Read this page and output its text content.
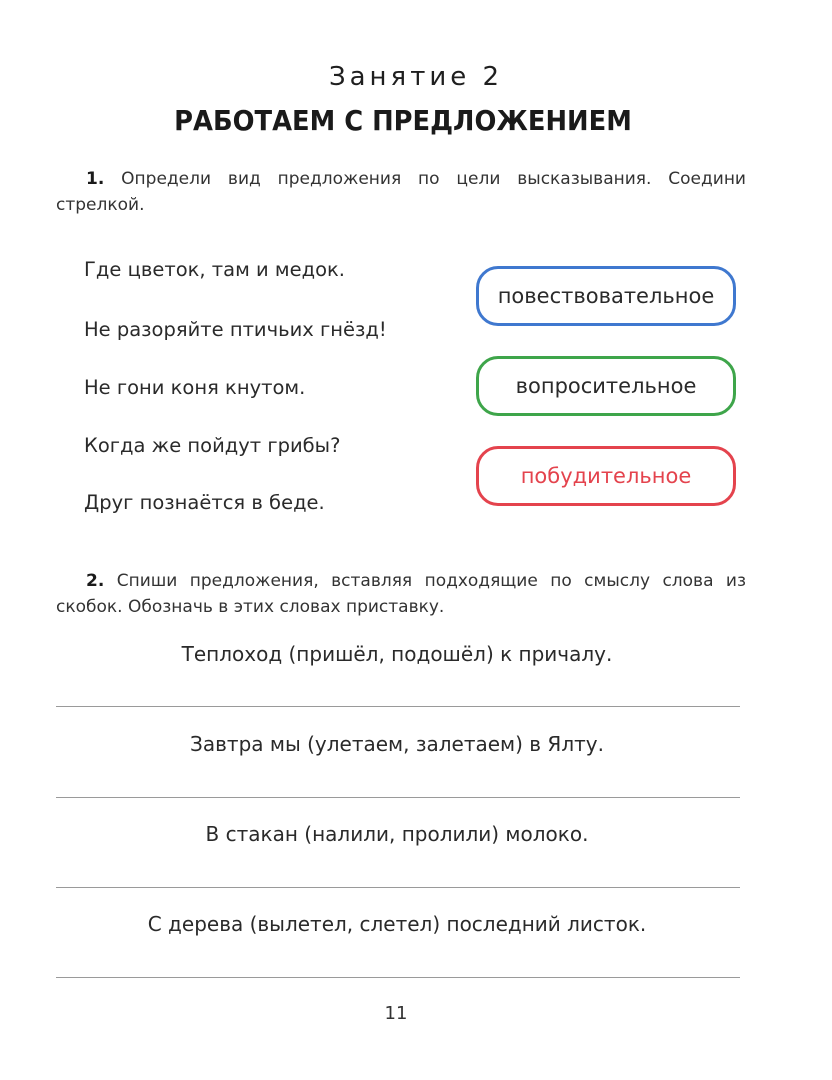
Занятие 2
РАБОТАЕМ С ПРЕДЛОЖЕНИЕМ
1. Определи вид предложения по цели высказывания. Соедини стрелкой.
Где цветок, там и медок.
Не разоряйте птичьих гнёзд!
Не гони коня кнутом.
Когда же пойдут грибы?
Друг познаётся в беде.
повествовательное
вопросительное
побудительное
2. Спиши предложения, вставляя подходящие по смыслу слова из скобок. Обозначь в этих словах приставку.
Теплоход (пришёл, подошёл) к причалу.
Завтра мы (улетаем, залетаем) в Ялту.
В стакан (налили, пролили) молоко.
С дерева (вылетел, слетел) последний листок.
11
